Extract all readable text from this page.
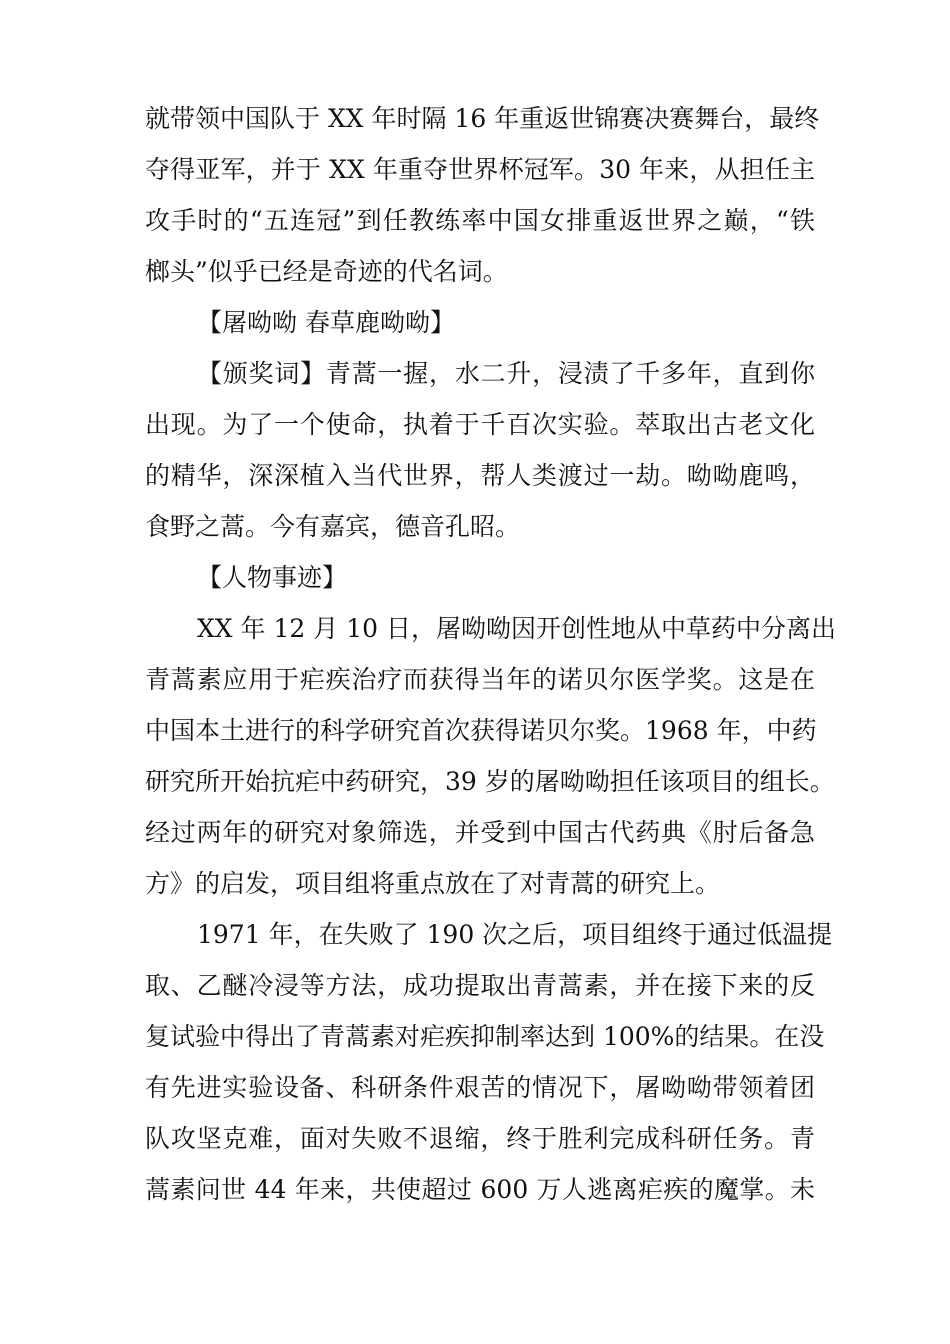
就带领中国队于 XX 年时隔 16 年重返世锦赛决赛舞台，最终
夺得亚军，并于 XX 年重夺世界杯冠军。30 年来，从担任主
攻手时的“五连冠”到任教练率中国女排重返世界之巅，“铁
榔头”似乎已经是奇迹的代名词。
【屠呦呦 春草鹿呦呦】
【颁奖词】青蒿一握，水二升，浸渍了千多年，直到你
出现。为了一个使命，执着于千百次实验。萃取出古老文化
的精华，深深植入当代世界，帮人类渡过一劫。呦呦鹿鸣，
食野之蒿。今有嘉宾，德音孔昭。
【人物事迹】
XX 年 12 月 10 日，屠呦呦因开创性地从中草药中分离出
青蒿素应用于疟疾治疗而获得当年的诺贝尔医学奖。这是在
中国本土进行的科学研究首次获得诺贝尔奖。1968 年，中药
研究所开始抗疟中药研究，39 岁的屠呦呦担任该项目的组长。
经过两年的研究对象筛选，并受到中国古代药典《肘后备急
方》的启发，项目组将重点放在了对青蒿的研究上。
1971 年，在失败了 190 次之后，项目组终于通过低温提
取、乙醚冷浸等方法，成功提取出青蒿素，并在接下来的反
复试验中得出了青蒿素对疟疾抑制率达到 100%的结果。在没
有先进实验设备、科研条件艰苦的情况下，屠呦呦带领着团
队攻坚克难，面对失败不退缩，终于胜利完成科研任务。青
蒿素问世 44 年来，共使超过 600 万人逃离疟疾的魔掌。未
